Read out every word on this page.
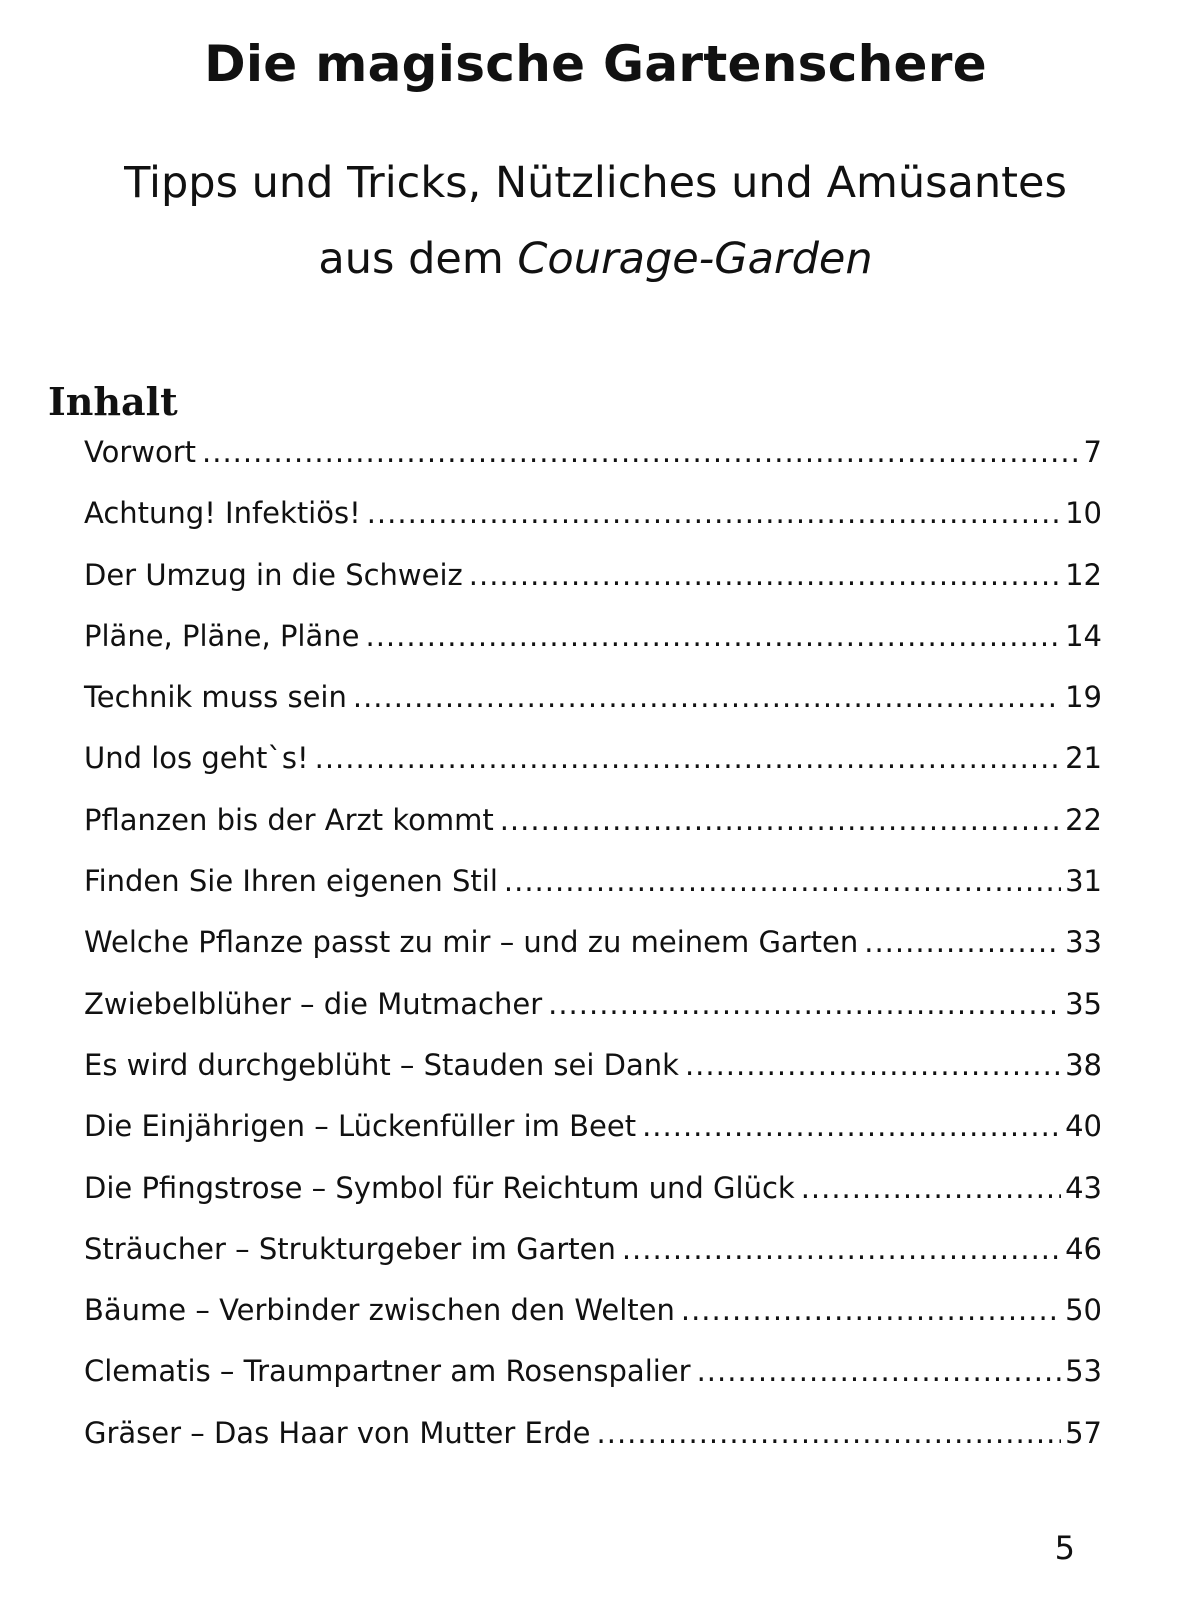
Die magische Gartenschere
Tipps und Tricks, Nützliches und Amüsantes
aus dem Courage-Garden
Inhalt
Vorwort .....	7
Achtung! Infektiös! .....	10
Der Umzug in die Schweiz .....	12
Pläne, Pläne, Pläne .....	14
Technik muss sein .....	19
Und los geht`s! .....	21
Pflanzen bis der Arzt kommt .....	22
Finden Sie Ihren eigenen Stil .....	31
Welche Pflanze passt zu mir – und zu meinem Garten .....	33
Zwiebelblüher – die Mutmacher .....	35
Es wird durchgeblüht – Stauden sei Dank .....	38
Die Einjährigen – Lückenfüller im Beet .....	40
Die Pfingstrose – Symbol für Reichtum und Glück .....	43
Sträucher – Strukturgeber im Garten .....	46
Bäume – Verbinder zwischen den Welten .....	50
Clematis – Traumpartner am Rosenspalier .....	53
Gräser – Das Haar von Mutter Erde .....	57
5
